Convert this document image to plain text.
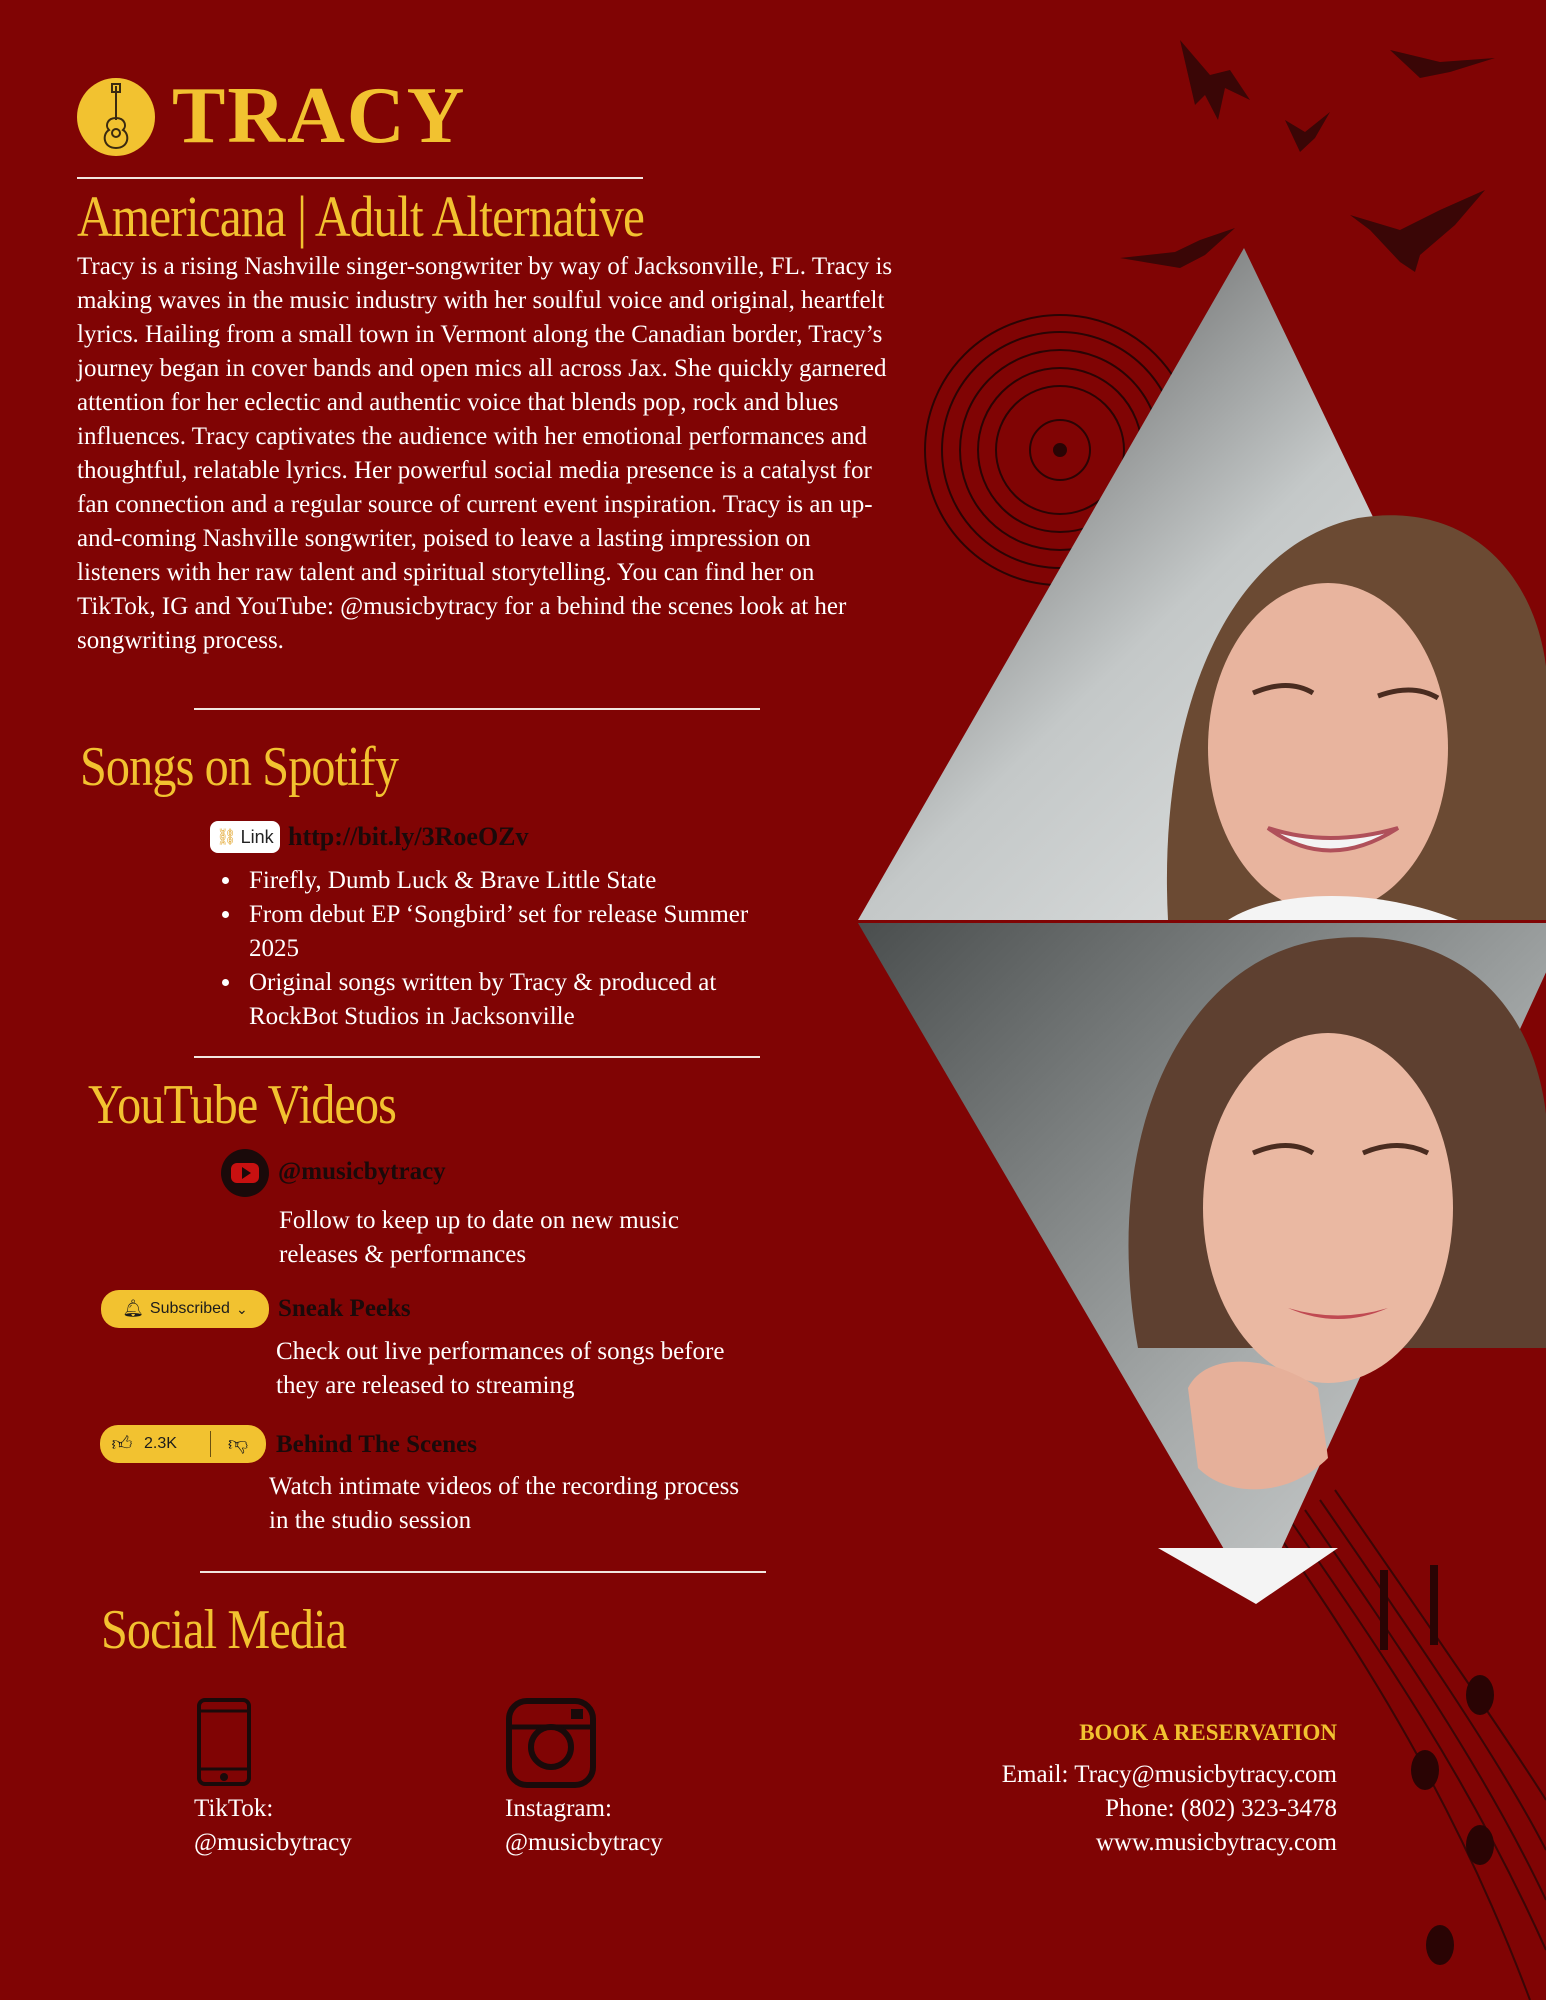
TRACY
Americana | Adult Alternative
Tracy is a rising Nashville singer-songwriter by way of Jacksonville, FL. Tracy is making waves in the music industry with her soulful voice and original, heartfelt lyrics. Hailing from a small town in Vermont along the Canadian border, Tracy’s journey began in cover bands and open mics all across Jax. She quickly garnered attention for her eclectic and authentic voice that blends pop, rock and blues influences. Tracy captivates the audience with her emotional performances and thoughtful, relatable lyrics. Her powerful social media presence is a catalyst for fan connection and a regular source of current event inspiration. Tracy is an up-and-coming Nashville songwriter, poised to leave a lasting impression on listeners with her raw talent and spiritual storytelling. You can find her on TikTok, IG and YouTube: @musicbytracy for a behind the scenes look at her songwriting process.
Songs on Spotify
⛓ Link http://bit.ly/3RoeOZv
• Firefly, Dumb Luck & Brave Little State
• From debut EP ‘Songbird’ set for release Summer 2025
• Original songs written by Tracy & produced at RockBot Studios in Jacksonville
YouTube Videos
@musicbytracy
Follow to keep up to date on new music releases & performances
🔔︎ Subscribed ⌄ Sneak Peeks
Check out live performances of songs before they are released to streaming
👍︎ 2.3K	👎︎	Behind The Scenes
Watch intimate videos of the recording process in the studio session
Social Media
TikTok:
@musicbytracy
Instagram:
@musicbytracy
BOOK A RESERVATION
Email: Tracy@musicbytracy.com
Phone: (802) 323-3478
www.musicbytracy.com
